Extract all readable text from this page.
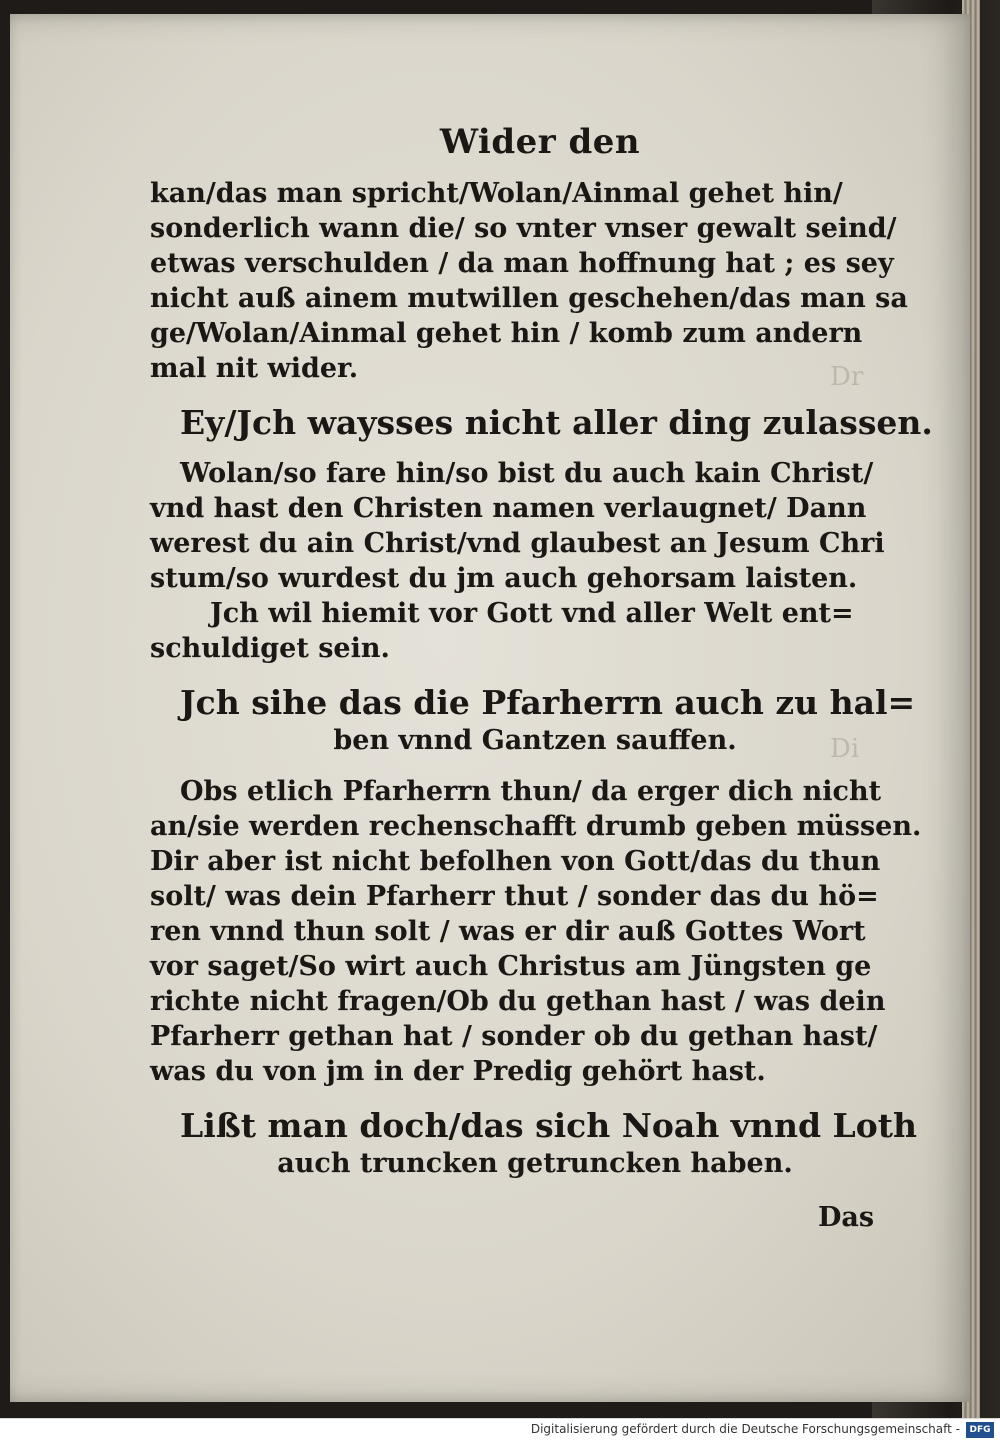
Dr
Di
Wider den
kan/das man spricht/Wolan/Ainmal gehet hin/
sonderlich wann die/ so vnter vnser gewalt seind/
etwas verschulden / da man hoffnung hat ; es sey
nicht auß ainem mutwillen geschehen/das man sa
ge/Wolan/Ainmal gehet hin / komb zum andern
mal nit wider.
Ey/Jch waysses nicht aller ding zulassen.
Wolan/so fare hin/so bist du auch kain Christ/
vnd hast den Christen namen verlaugnet/ Dann
werest du ain Christ/vnd glaubest an Jesum Chri
stum/so wurdest du jm auch gehorsam laisten.
Jch wil hiemit vor Gott vnd aller Welt ent=
schuldiget sein.
Jch sihe das die Pfarherrn auch zu hal=
ben vnnd Gantzen sauffen.
Obs etlich Pfarherrn thun/ da erger dich nicht
an/sie werden rechenschafft drumb geben müssen.
Dir aber ist nicht befolhen von Gott/das du thun
solt/ was dein Pfarherr thut / sonder das du hö=
ren vnnd thun solt / was er dir auß Gottes Wort
vor saget/So wirt auch Christus am Jüngsten ge
richte nicht fragen/Ob du gethan hast / was dein
Pfarherr gethan hat / sonder ob du gethan hast/
was du von jm in der Predig gehört hast.
Lißt man doch/das sich Noah vnnd Loth
auch truncken getruncken haben.
Das
Digitalisierung gefördert durch die Deutsche Forschungsgemeinschaft -	DFG
